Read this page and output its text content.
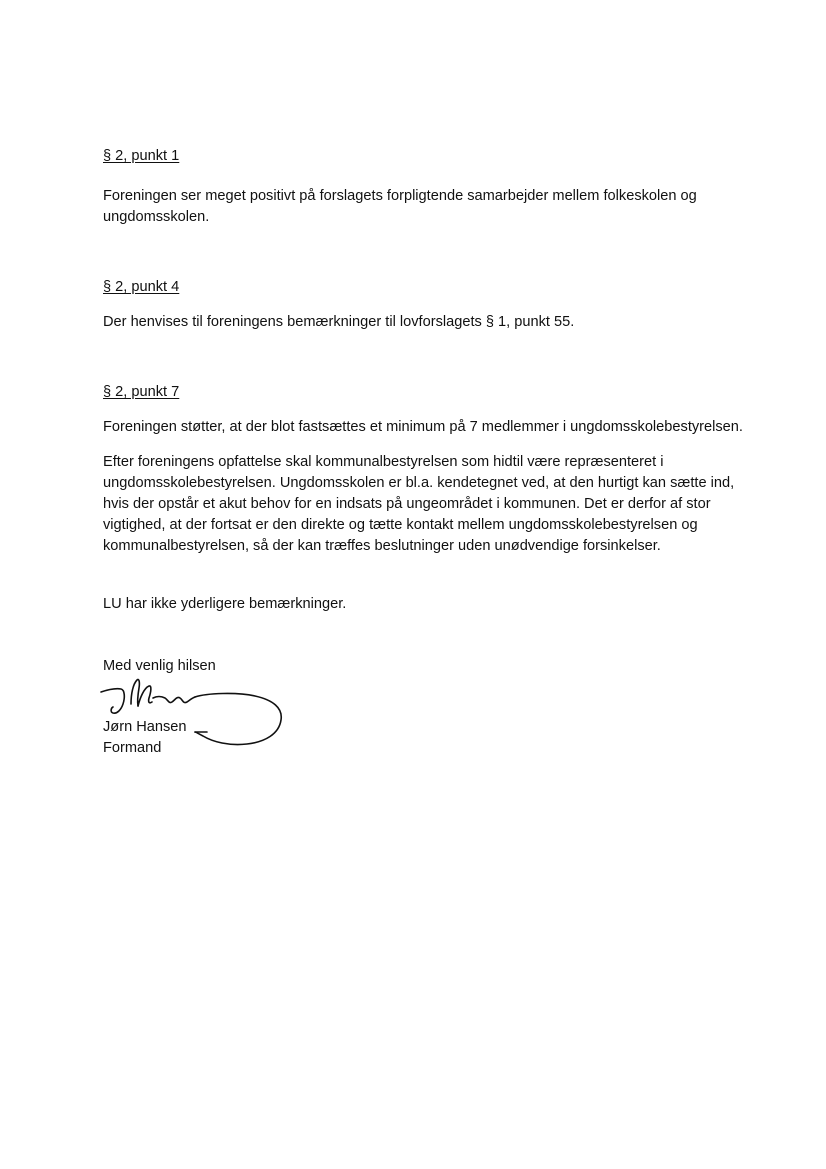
§ 2, punkt 1

Foreningen ser meget positivt på forslagets forpligtende samarbejder mellem folkeskolen og ungdomsskolen.

§ 2, punkt 4

Der henvises til foreningens bemærkninger til lovforslagets § 1, punkt 55.

§ 2, punkt 7

Foreningen støtter, at der blot fastsættes et minimum på 7 medlemmer i ungdomsskolebestyrelsen.

Efter foreningens opfattelse skal kommunalbestyrelsen som hidtil være repræsenteret i ungdomsskolebestyrelsen. Ungdomsskolen er bl.a. kendetegnet ved, at den hurtigt kan sætte ind, hvis der opstår et akut behov for en indsats på ungeområdet i kommunen. Det er derfor af stor vigtighed, at der fortsat er den direkte og tætte kontakt mellem ungdomsskolebestyrelsen og kommunalbestyrelsen, så der kan træffes beslutninger uden unødvendige forsinkelser.

LU har ikke yderligere bemærkninger.

Med venlig hilsen

Jørn Hansen
Formand
